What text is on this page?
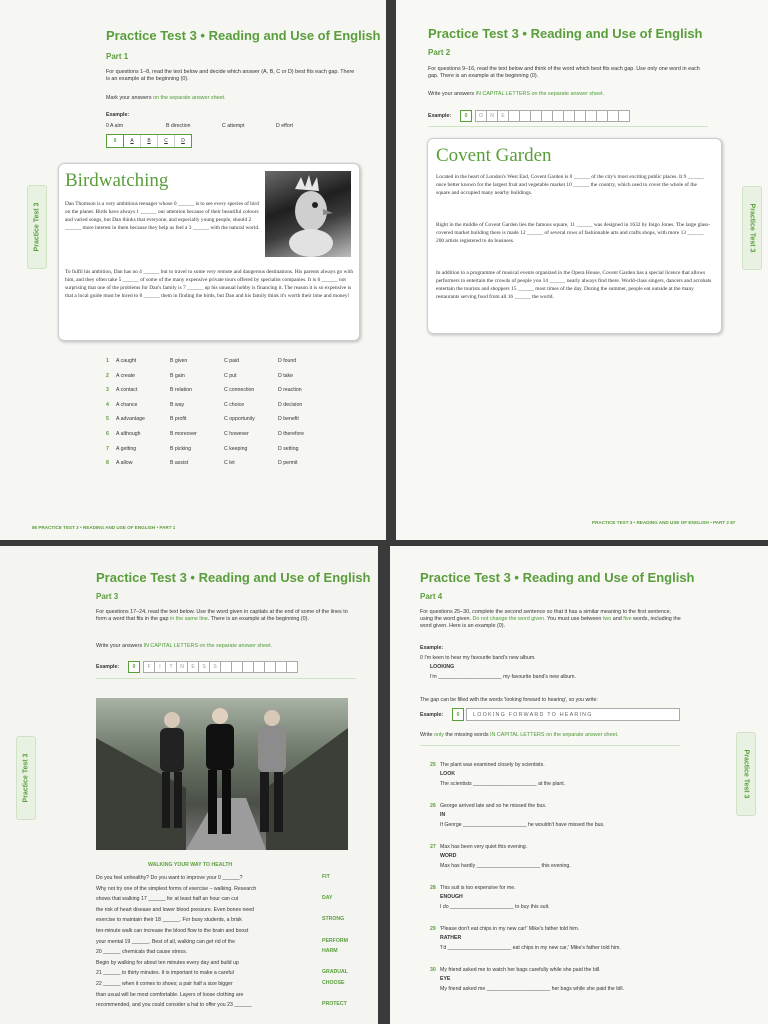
Practice Test 3 • Reading and Use of English
Part 1
For questions 1–8, read the text below and decide which answer (A, B, C or D) best fits each gap. There is an example at the beginning (0).
Mark your answers on the separate answer sheet.
Example:
0 A aim	B direction	C attempt	D effort
0	A	B	C	D
Practice Test 3
Birdwatching
Dan Thomson is a very ambitious teenager whose 0 ______ is to see every species of bird on the planet. Birds have always 1 ______ our attention because of their beautiful colours and varied songs, but Dan thinks that everyone, and especially young people, should 2 ______ more interest in them because they help us feel a 3 ______ with the natural world.
To fulfil his ambition, Dan has no 4 ______ but to travel to some very remote and dangerous destinations. His parents always go with him, and they often take 5 ______ of some of the many expensive private tours offered by specialist companies. It is 6 ______ not surprising that one of the problems for Dan's family is 7 ______ up his unusual hobby is financing it. The reason it is so expensive is that a local guide must be hired to 8 ______ them in finding the birds, but Dan and his family think it's worth their time and money!
1 A caught	B given	C paid	D found
2 A create	B gain	C put	D take
3 A contact	B relation	C connection	D reaction
4 A chance	B way	C choice	D decision
5 A advantage	B profit	C opportunity	D benefit
6 A although	B moreover	C however	D therefore
7 A getting	B picking	C keeping	D setting
8 A allow	B assist	C let	D permit
86 PRACTICE TEST 3 • READING AND USE OF ENGLISH • PART 1
Practice Test 3 • Reading and Use of English
Part 2
For questions 9–16, read the text below and think of the word which best fits each gap. Use only one word in each gap. There is an example at the beginning (0).
Write your answers IN CAPITAL LETTERS on the separate answer sheet.
Example:	0	O	N	E
Covent Garden
Located in the heart of London's West End, Covent Garden is 0 ______ of the city's most exciting public places. It 9 ______ once better known for the largest fruit and vegetable market 10 ______ the country, which used to cover the whole of the square and occupied many nearby buildings.
Right in the middle of Covent Garden lies the famous square, 11 ______ was designed in 1632 by Inigo Jones. The large glass-covered market building there is made 12 ______ of several rows of fashionable arts and crafts shops, with more 13 ______ 200 artists registered to do business.
In addition to a programme of musical events organized in the Opera House, Covent Garden has a special licence that allows performers to entertain the crowds of people you 14 ______ nearly always find there. World-class singers, dancers and acrobats entertain the tourists and shoppers 15 ______ most times of the day. During the summer, people eat outside at the many restaurants serving food from all 16 ______ the world.
Practice Test 3
PRACTICE TEST 3 • READING AND USE OF ENGLISH • PART 2 87
Practice Test 3 • Reading and Use of English
Part 3
For questions 17–24, read the text below. Use the word given in capitals at the end of some of the lines to form a word that fits in the gap in the same line. There is an example at the beginning (0).
Write your answers IN CAPITAL LETTERS on the separate answer sheet.
Example:	0	F	I	T	N	E	S	S
Practice Test 3
WALKING YOUR WAY TO HEALTH
Do you feel unhealthy? Do you want to improve your 0 ______?	FIT
Why not try one of the simplest forms of exercise – walking. Research
shows that walking 17 ______ for at least half an hour can cut	DAY
the risk of heart disease and lower blood pressure. Even bones need
exercise to maintain their 18 ______. For busy students, a brisk	STRONG
ten-minute walk can increase the blood flow to the brain and boost
your mental 19 ______. Best of all, walking can get rid of the	PERFORM
20 ______ chemicals that cause stress.	HARM
Begin by walking for about ten minutes every day and build up
21 ______ to thirty minutes. It is important to make a careful	GRADUAL
22 ______ when it comes to shoes; a pair half a size bigger	CHOOSE
than usual will be most comfortable. Layers of loose clothing are
recommended, and you could consider a hat to offer you 23 ______	PROTECT
Practice Test 3 • Reading and Use of English
Part 4
For questions 25–30, complete the second sentence so that it has a similar meaning to the first sentence, using the word given. Do not change the word given. You must use between two and five words, including the word given. Here is an example (0).
Example:
0 I'm keen to hear my favourite band's new album.
LOOKING
I'm ______________________ my favourite band's new album.
The gap can be filled with the words 'looking forward to hearing', so you write:
Example:	0	LOOKING FORWARD TO HEARING
Write only the missing words IN CAPITAL LETTERS on the separate answer sheet.
Practice Test 3
25 The plant was examined closely by scientists.
LOOK
The scientists ______________________ at the plant.
26 George arrived late and so he missed the bus.
IN
If George ______________________ he wouldn't have missed the bus.
27 Max has been very quiet this evening.
WORD
Max has hardly ______________________ this evening.
28 This suit is too expensive for me.
ENOUGH
I do ______________________ to buy this suit.
29 'Please don't eat chips in my new car!' Mike's father told him.
RATHER
'I'd ______________________ eat chips in my new car,' Mike's father told him.
30 My friend asked me to watch her bags carefully while she paid the bill.
EYE
My friend asked me ______________________ her bags while she paid the bill.
